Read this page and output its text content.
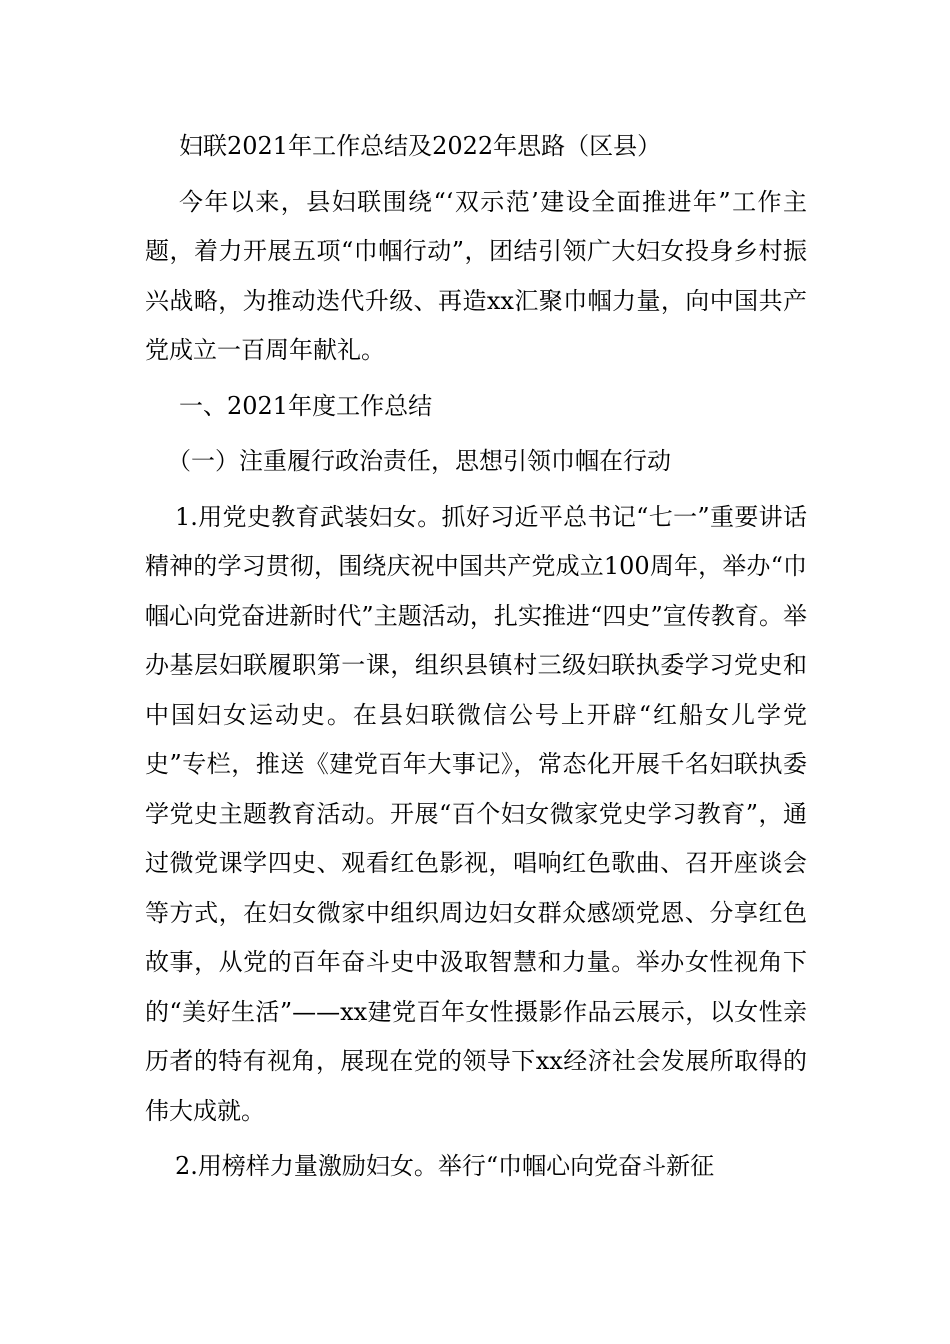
妇联2021年工作总结及2022年思路（区县）

今年以来，县妇联围绕“‘双示范’建设全面推进年”工作主题，着力开展五项“巾帼行动”，团结引领广大妇女投身乡村振兴战略，为推动迭代升级、再造xx汇聚巾帼力量，向中国共产党成立一百周年献礼。

一、2021年度工作总结

（一）注重履行政治责任，思想引领巾帼在行动

1.用党史教育武装妇女。抓好习近平总书记“七一”重要讲话精神的学习贯彻，围绕庆祝中国共产党成立100周年，举办“巾帼心向党奋进新时代”主题活动，扎实推进“四史”宣传教育。举办基层妇联履职第一课，组织县镇村三级妇联执委学习党史和中国妇女运动史。在县妇联微信公号上开辟“红船女儿学党史”专栏，推送《建党百年大事记》，常态化开展千名妇联执委学党史主题教育活动。开展“百个妇女微家党史学习教育”，通过微党课学四史、观看红色影视，唱响红色歌曲、召开座谈会等方式，在妇女微家中组织周边妇女群众感颂党恩、分享红色故事，从党的百年奋斗史中汲取智慧和力量。举办女性视角下的“美好生活”——xx建党百年女性摄影作品云展示，以女性亲历者的特有视角，展现在党的领导下xx经济社会发展所取得的伟大成就。

2.用榜样力量激励妇女。举行“巾帼心向党奋斗新征
